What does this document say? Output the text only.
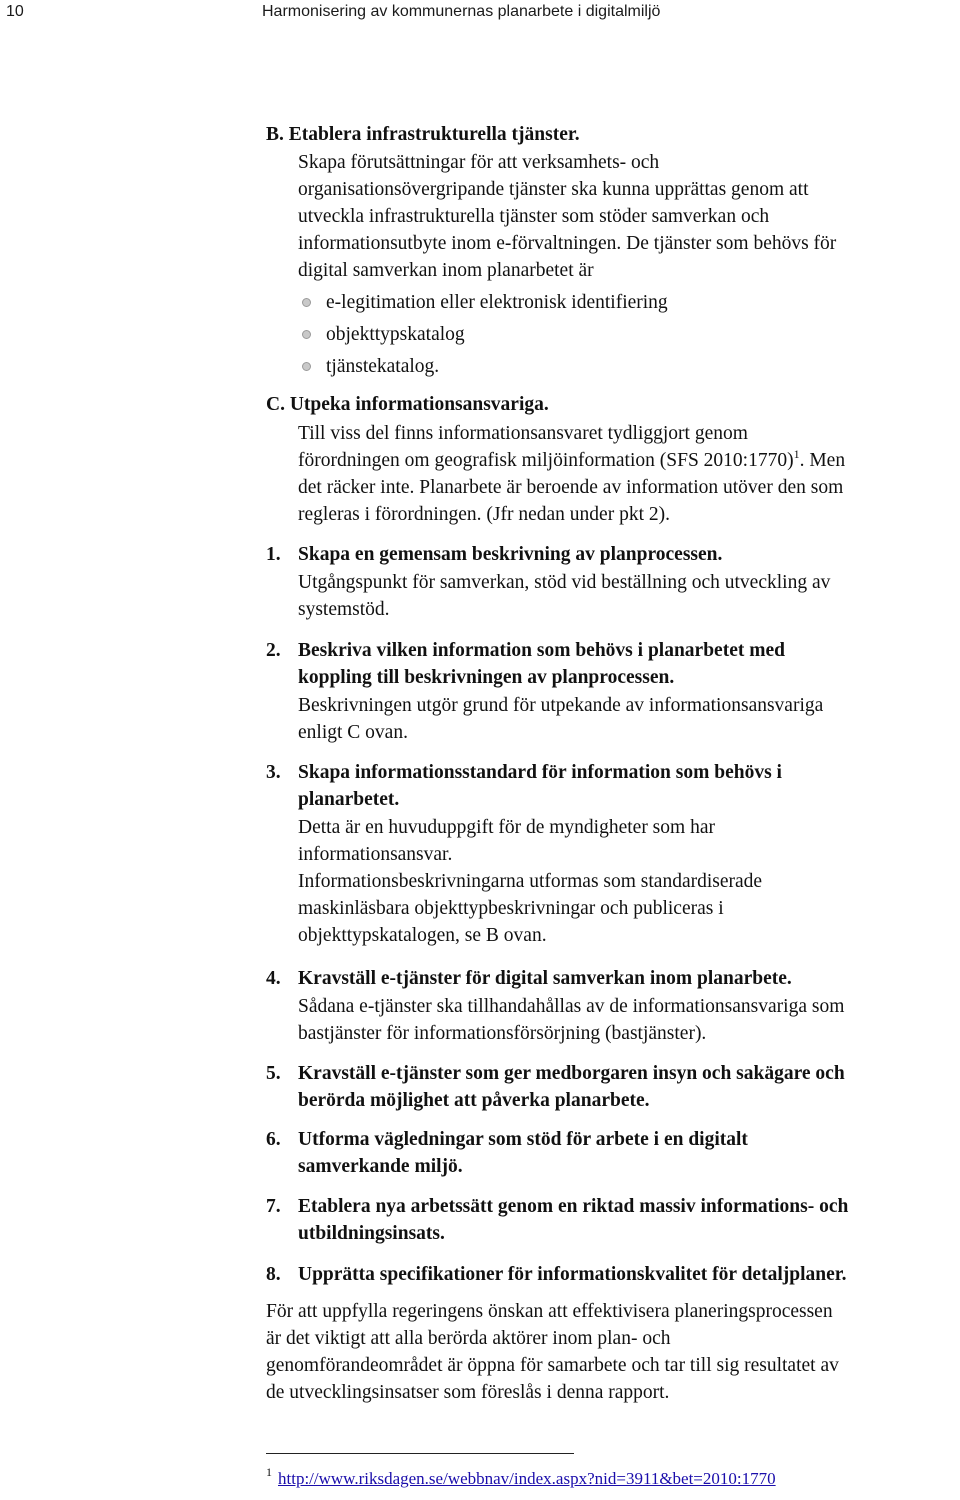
10	Harmonisering av kommunernas planarbete i digitalmiljö
B. Etablera infrastrukturella tjänster.
Skapa förutsättningar för att verksamhets- och
organisationsövergripande tjänster ska kunna upprättas genom att
utveckla infrastrukturella tjänster som stöder samverkan och
informationsutbyte inom e-förvaltningen. De tjänster som behövs för
digital samverkan inom planarbetet är
e-legitimation eller elektronisk identifiering
objekttypskatalog
tjänstekatalog.
C. Utpeka informationsansvariga.
Till viss del finns informationsansvaret tydliggjort genom
förordningen om geografisk miljöinformation (SFS 2010:1770)$^1$. Men
det räcker inte. Planarbete är beroende av information utöver den som
regleras i förordningen. (Jfr nedan under pkt 2).
1. Skapa en gemensam beskrivning av planprocessen.
Utgångspunkt för samverkan, stöd vid beställning och utveckling av
systemstöd.
2. Beskriva vilken information som behövs i planarbetet med
koppling till beskrivningen av planprocessen.
Beskrivningen utgör grund för utpekande av informationsansvariga
enligt C ovan.
3. Skapa informationsstandard för information som behövs i
planarbetet.
Detta är en huvuduppgift för de myndigheter som har
informationsansvar.
Informationsbeskrivningarna utformas som standardiserade
maskinläsbara objekttypbeskrivningar och publiceras i
objekttypskatalogen, se B ovan.
4. Kravställ e-tjänster för digital samverkan inom planarbete.
Sådana e-tjänster ska tillhandahållas av de informationsansvariga som
bastjänster för informationsförsörjning (bastjänster).
5. Kravställ e-tjänster som ger medborgaren insyn och sakägare och
berörda möjlighet att påverka planarbete.
6. Utforma vägledningar som stöd för arbete i en digitalt
samverkande miljö.
7. Etablera nya arbetssätt genom en riktad massiv informations- och
utbildningsinsats.
8. Upprätta specifikationer för informationskvalitet för detaljplaner.
För att uppfylla regeringens önskan att effektivisera planeringsprocessen
är det viktigt att alla berörda aktörer inom plan- och
genomförandeområdet är öppna för samarbete och tar till sig resultatet av
de utvecklingsinsatser som föreslås i denna rapport.
$^1$ http://www.riksdagen.se/webbnav/index.aspx?nid=3911&bet=2010:1770
